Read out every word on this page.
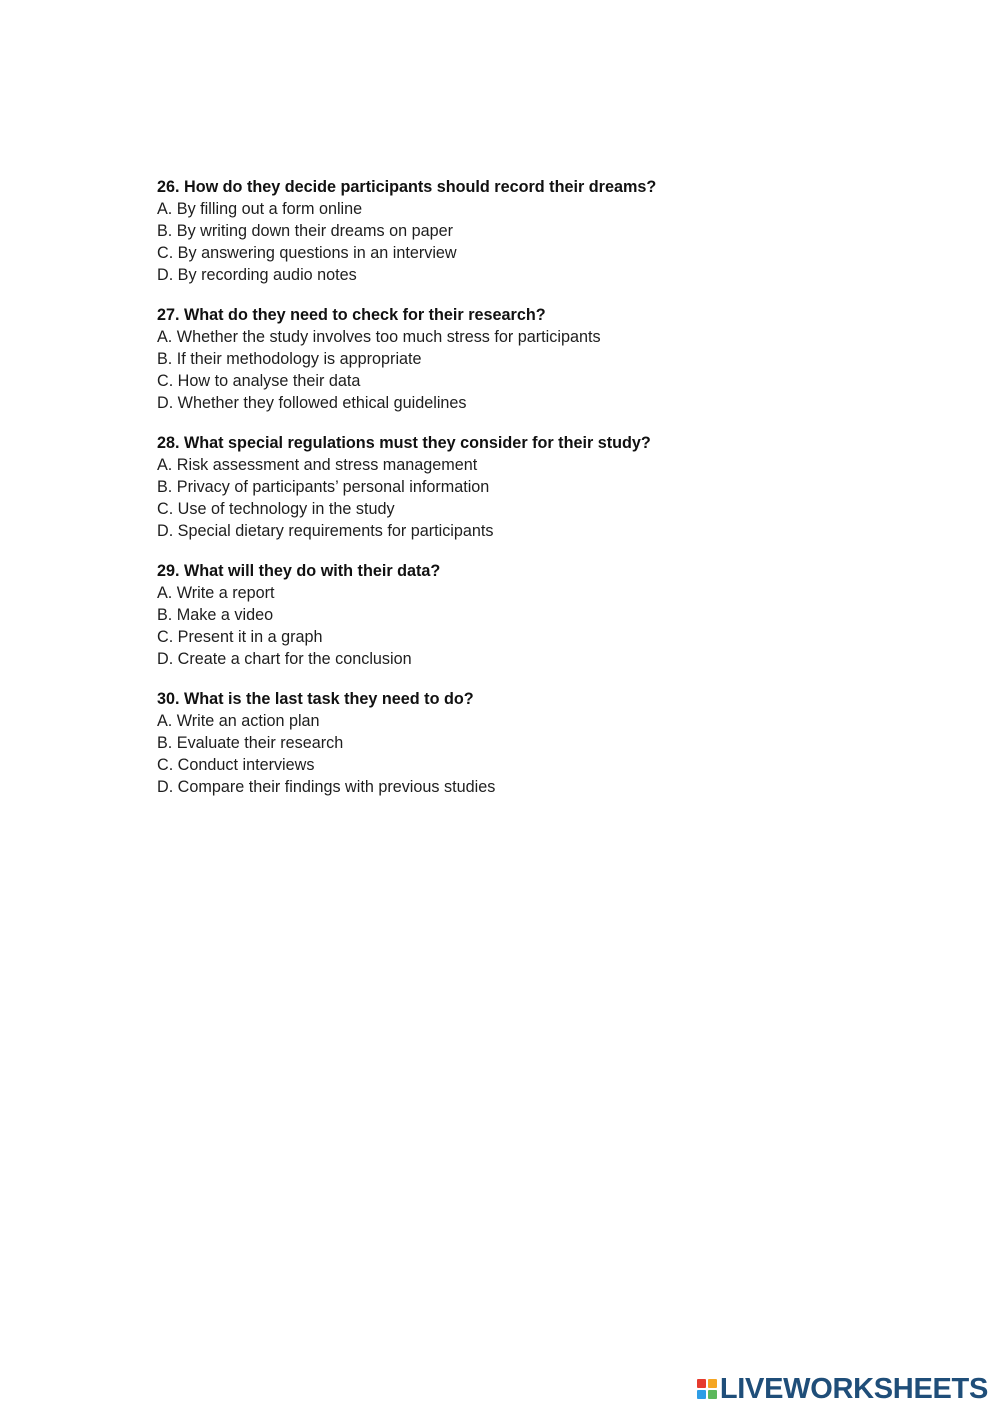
26. How do they decide participants should record their dreams?
A. By filling out a form online
B. By writing down their dreams on paper
C. By answering questions in an interview
D. By recording audio notes
27. What do they need to check for their research?
A. Whether the study involves too much stress for participants
B. If their methodology is appropriate
C. How to analyse their data
D. Whether they followed ethical guidelines
28. What special regulations must they consider for their study?
A. Risk assessment and stress management
B. Privacy of participants’ personal information
C. Use of technology in the study
D. Special dietary requirements for participants
29. What will they do with their data?
A. Write a report
B. Make a video
C. Present it in a graph
D. Create a chart for the conclusion
30. What is the last task they need to do?
A. Write an action plan
B. Evaluate their research
C. Conduct interviews
D. Compare their findings with previous studies
LIVEWORKSHEETS
